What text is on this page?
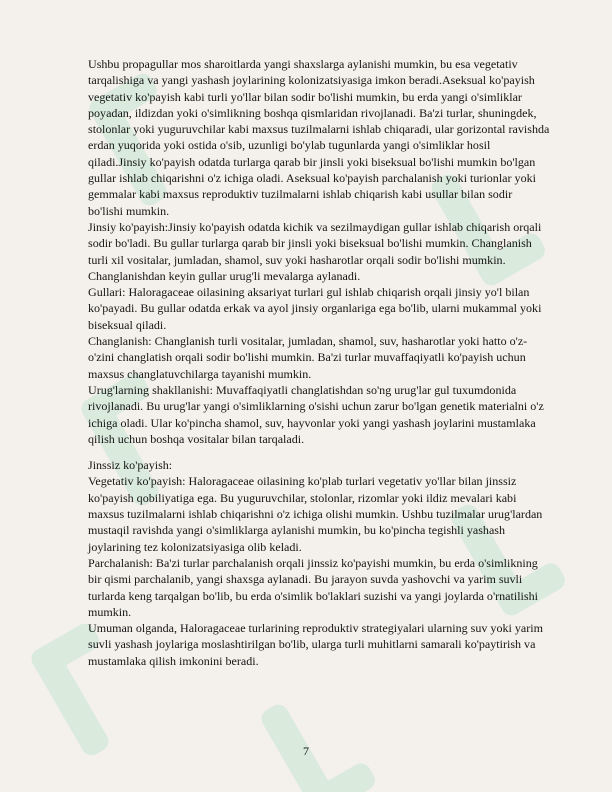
Ushbu propagullar mos sharoitlarda yangi shaxslarga aylanishi mumkin, bu esa vegetativ tarqalishiga va yangi yashash joylarining kolonizatsiyasiga imkon beradi.Aseksual ko'payish vegetativ ko'payish kabi turli yo'llar bilan sodir bo'lishi mumkin, bu erda yangi o'simliklar poyadan, ildizdan yoki o'simlikning boshqa qismlaridan rivojlanadi. Ba'zi turlar, shuningdek, stolonlar yoki yuguruvchilar kabi maxsus tuzilmalarni ishlab chiqaradi, ular gorizontal ravishda erdan yuqorida yoki ostida o'sib, uzunligi bo'ylab tugunlarda yangi o'simliklar hosil qiladi.Jinsiy ko'payish odatda turlarga qarab bir jinsli yoki biseksual bo'lishi mumkin bo'lgan gullar ishlab chiqarishni o'z ichiga oladi. Aseksual ko'payish parchalanish yoki turionlar yoki gemmalar kabi maxsus reproduktiv tuzilmalarni ishlab chiqarish kabi usullar bilan sodir bo'lishi mumkin.

Jinsiy ko'payish:Jinsiy ko'payish odatda kichik va sezilmaydigan gullar ishlab chiqarish orqali sodir bo'ladi. Bu gullar turlarga qarab bir jinsli yoki biseksual bo'lishi mumkin. Changlanish turli xil vositalar, jumladan, shamol, suv yoki hasharotlar orqali sodir bo'lishi mumkin. Changlanishdan keyin gullar urug'li mevalarga aylanadi.

Gullari: Haloragaceae oilasining aksariyat turlari gul ishlab chiqarish orqali jinsiy yo'l bilan ko'payadi. Bu gullar odatda erkak va ayol jinsiy organlariga ega bo'lib, ularni mukammal yoki biseksual qiladi.

Changlanish: Changlanish turli vositalar, jumladan, shamol, suv, hasharotlar yoki hatto o'z-o'zini changlatish orqali sodir bo'lishi mumkin. Ba'zi turlar muvaffaqiyatli ko'payish uchun maxsus changlatuvchilarga tayanishi mumkin.

Urug'larning shakllanishi: Muvaffaqiyatli changlatishdan so'ng urug'lar gul tuxumdonida rivojlanadi. Bu urug'lar yangi o'simliklarning o'sishi uchun zarur bo'lgan genetik materialni o'z ichiga oladi. Ular ko'pincha shamol, suv, hayvonlar yoki yangi yashash joylarini mustamlaka qilish uchun boshqa vositalar bilan tarqaladi.

Jinssiz ko'payish:

Vegetativ ko'payish: Haloragaceae oilasining ko'plab turlari vegetativ yo'llar bilan jinssiz ko'payish qobiliyatiga ega. Bu yuguruvchilar, stolonlar, rizomlar yoki ildiz mevalari kabi maxsus tuzilmalarni ishlab chiqarishni o'z ichiga olishi mumkin. Ushbu tuzilmalar urug'lardan mustaqil ravishda yangi o'simliklarga aylanishi mumkin, bu ko'pincha tegishli yashash joylarining tez kolonizatsiyasiga olib keladi.

Parchalanish: Ba'zi turlar parchalanish orqali jinssiz ko'payishi mumkin, bu erda o'simlikning bir qismi parchalanib, yangi shaxsga aylanadi. Bu jarayon suvda yashovchi va yarim suvli turlarda keng tarqalgan bo'lib, bu erda o'simlik bo'laklari suzishi va yangi joylarda o'rnatilishi mumkin.

Umuman olganda, Haloragaceae turlarining reproduktiv strategiyalari ularning suv yoki yarim suvli yashash joylariga moslashtirilgan bo'lib, ularga turli muhitlarni samarali ko'paytirish va mustamlaka qilish imkonini beradi.

7
